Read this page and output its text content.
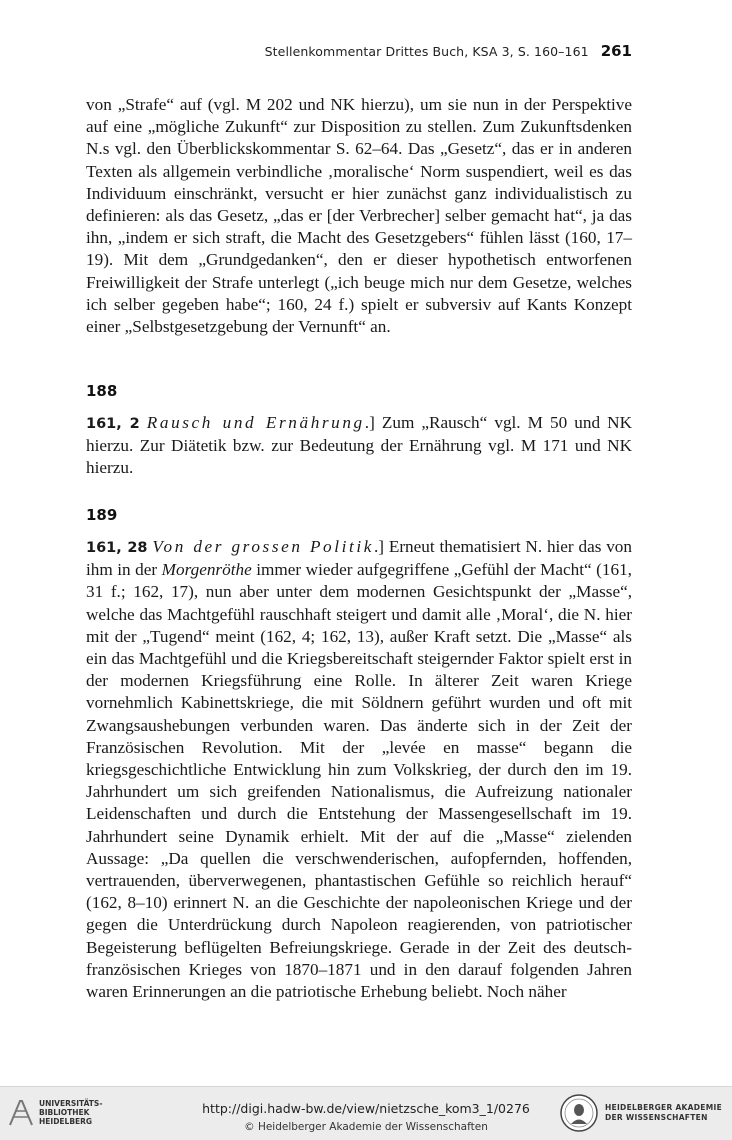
Stellenkommentar Drittes Buch, KSA 3, S. 160–161 261
von „Strafe“ auf (vgl. M 202 und NK hierzu), um sie nun in der Perspektive auf eine „mögliche Zukunft“ zur Disposition zu stellen. Zum Zukunftsdenken N.s vgl. den Überblickskommentar S. 62–64. Das „Gesetz“, das er in anderen Texten als allgemein verbindliche ‚moralische‘ Norm suspendiert, weil es das Individuum einschränkt, versucht er hier zunächst ganz individualistisch zu definieren: als das Gesetz, „das er [der Verbrecher] selber gemacht hat“, ja das ihn, „indem er sich straft, die Macht des Gesetzgebers“ fühlen lässt (160, 17–19). Mit dem „Grundgedanken“, den er dieser hypothetisch entworfenen Freiwilligkeit der Strafe unterlegt („ich beuge mich nur dem Gesetze, welches ich selber gegeben habe“; 160, 24 f.) spielt er subversiv auf Kants Konzept einer „Selbstgesetzgebung der Vernunft“ an.
188
161, 2 Rausch und Ernährung.] Zum „Rausch“ vgl. M 50 und NK hierzu. Zur Diätetik bzw. zur Bedeutung der Ernährung vgl. M 171 und NK hierzu.
189
161, 28 Von der grossen Politik.] Erneut thematisiert N. hier das von ihm in der Morgenröthe immer wieder aufgegriffene „Gefühl der Macht“ (161, 31 f.; 162, 17), nun aber unter dem modernen Gesichtspunkt der „Masse“, welche das Machtgefühl rauschhaft steigert und damit alle ‚Moral‘, die N. hier mit der „Tugend“ meint (162, 4; 162, 13), außer Kraft setzt. Die „Masse“ als ein das Machtgefühl und die Kriegsbereitschaft steigernder Faktor spielt erst in der modernen Kriegsführung eine Rolle. In älterer Zeit waren Kriege vornehmlich Kabinettskriege, die mit Söldnern geführt wurden und oft mit Zwangsaushebungen verbunden waren. Das änderte sich in der Zeit der Französischen Revolution. Mit der „levée en masse“ begann die kriegsgeschichtliche Entwicklung hin zum Volkskrieg, der durch den im 19. Jahrhundert um sich greifenden Nationalismus, die Aufreizung nationaler Leidenschaften und durch die Entstehung der Massengesellschaft im 19. Jahrhundert seine Dynamik erhielt. Mit der auf die „Masse“ zielenden Aussage: „Da quellen die verschwenderischen, aufopfernden, hoffenden, vertrauenden, überverwegenen, phantastischen Gefühle so reichlich herauf“ (162, 8–10) erinnert N. an die Geschichte der napoleonischen Kriege und der gegen die Unterdrückung durch Napoleon reagierenden, von patriotischer Begeisterung beflügelten Befreiungskriege. Gerade in der Zeit des deutsch-französischen Krieges von 1870–1871 und in den darauf folgenden Jahren waren Erinnerungen an die patriotische Erhebung beliebt. Noch näher
UNIVERSITÄTS-
BIBLIOTHEK
HEIDELBERG
http://digi.hadw-bw.de/view/nietzsche_kom3_1/0276
© Heidelberger Akademie der Wissenschaften
HEIDELBERGER AKADEMIE
DER WISSENSCHAFTEN
